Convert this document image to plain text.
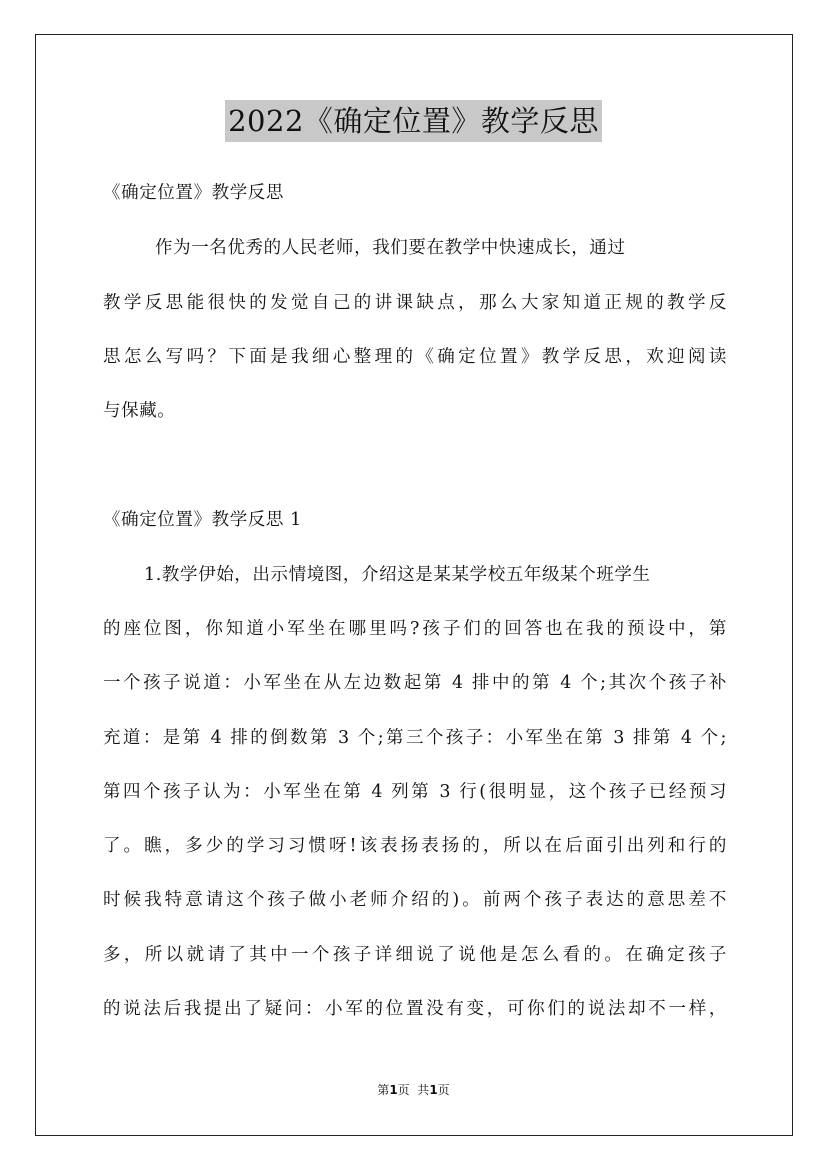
2022《确定位置》教学反思
《确定位置》教学反思
作为一名优秀的人民老师，我们要在教学中快速成长，通过
教学反思能很快的发觉自己的讲课缺点，那么大家知道正规的教学反
思怎么写吗？下面是我细心整理的《确定位置》教学反思，欢迎阅读
与保藏。
《确定位置》教学反思 1
1.教学伊始，出示情境图，介绍这是某某学校五年级某个班学生
的座位图，你知道小军坐在哪里吗?孩子们的回答也在我的预设中，第
一个孩子说道：小军坐在从左边数起第 4 排中的第 4 个;其次个孩子补
充道：是第 4 排的倒数第 3 个;第三个孩子：小军坐在第 3 排第 4 个;
第四个孩子认为：小军坐在第 4 列第 3 行(很明显，这个孩子已经预习
了。瞧，多少的学习习惯呀!该表扬表扬的，所以在后面引出列和行的
时候我特意请这个孩子做小老师介绍的)。前两个孩子表达的意思差不
多，所以就请了其中一个孩子详细说了说他是怎么看的。在确定孩子
的说法后我提出了疑问：小军的位置没有变，可你们的说法却不一样，
第1页  共1页
